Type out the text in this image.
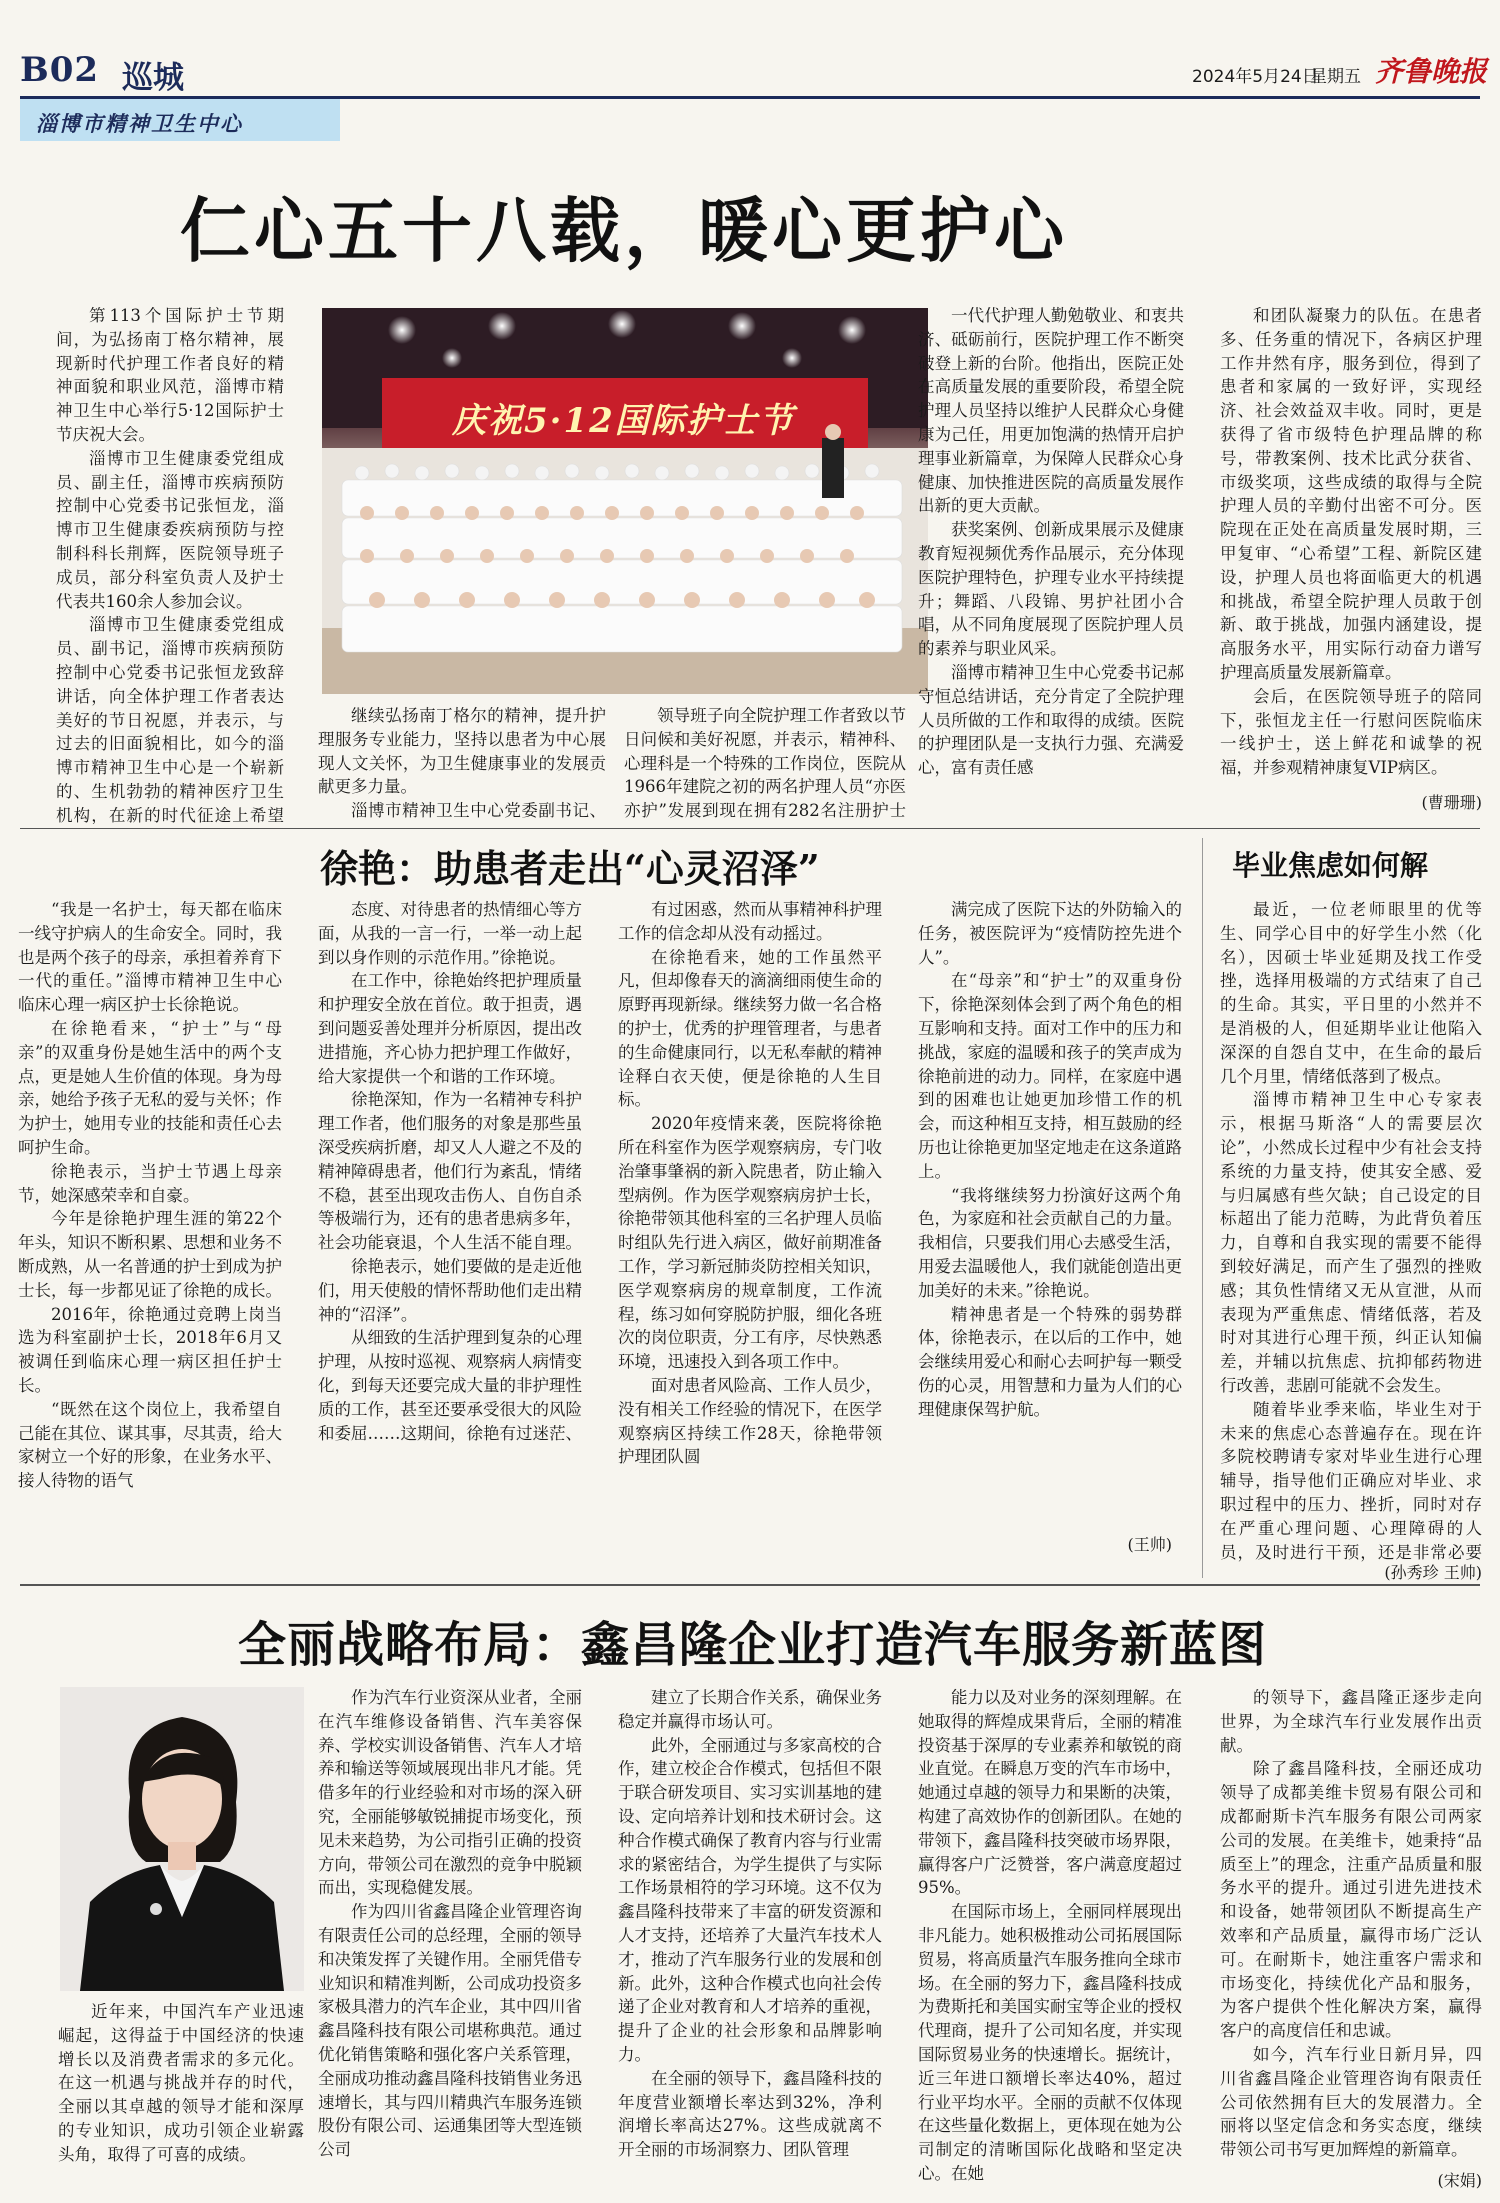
B02 巡城	2024年5月24日
星期五 齐鲁晚报
淄博市精神卫生中心
仁心五十八载，暖心更护心

第113个国际护士节期间，为弘扬南丁格尔精神，展现新时代护理工作者良好的精神面貌和职业风范，淄博市精神卫生中心举行5·12国际护士节庆祝大会。

淄博市卫生健康委党组成员、副主任，淄博市疾病预防控制中心党委书记张恒龙，淄博市卫生健康委疾病预防与控制科科长荆辉，医院领导班子成员，部分科室负责人及护士代表共160余人参加会议。

淄博市卫生健康委党组成员、副书记，淄博市疾病预防控制中心党委书记张恒龙致辞讲话，向全体护理工作者表达美好的节日祝愿，并表示，与过去的旧面貌相比，如今的淄博市精神卫生中心是一个崭新的、生机勃勃的精神医疗卫生机构，在新的时代征途上希望

庆祝5·12国际护士节

继续弘扬南丁格尔的精神，提升护理服务专业能力，坚持以患者为中心展现人文关怀，为卫生健康事业的发展贡献更多力量。

淄博市精神卫生中心党委副书记、

领导班子向全院护理工作者致以节日问候和美好祝愿，并表示，精神科、心理科是一个特殊的工作岗位，医院从1966年建院之初的两名护理人员“亦医亦护”发展到现在拥有282名注册护士

一代代护理人勤勉敬业、和衷共济、砥砺前行，医院护理工作不断突破登上新的台阶。他指出，医院正处在高质量发展的重要阶段，希望全院护理人员坚持以维护人民群众心身健康为己任，用更加饱满的热情开启护理事业新篇章，为保障人民群众心身健康、加快推进医院的高质量发展作出新的更大贡献。

获奖案例、创新成果展示及健康教育短视频优秀作品展示，充分体现医院护理特色，护理专业水平持续提升；舞蹈、八段锦、男护社团小合唱，从不同角度展现了医院护理人员的素养与职业风采。

淄博市精神卫生中心党委书记郝守恒总结讲话，充分肯定了全院护理人员所做的工作和取得的成绩。医院的护理团队是一支执行力强、充满爱心，富有责任感

和团队凝聚力的队伍。在患者多、任务重的情况下，各病区护理工作井然有序，服务到位，得到了患者和家属的一致好评，实现经济、社会效益双丰收。同时，更是获得了省市级特色护理品牌的称号，带教案例、技术比武分获省、市级奖项，这些成绩的取得与全院护理人员的辛勤付出密不可分。医院现在正处在高质量发展时期，三甲复审、“心希望”工程、新院区建设，护理人员也将面临更大的机遇和挑战，希望全院护理人员敢于创新、敢于挑战，加强内涵建设，提高服务水平，用实际行动奋力谱写护理高质量发展新篇章。

会后，在医院领导班子的陪同下，张恒龙主任一行慰问医院临床一线护士，送上鲜花和诚挚的祝福，并参观精神康复VIP病区。

(曹珊珊)
徐艳：助患者走出“心灵沼泽”

“我是一名护士，每天都在临床一线守护病人的生命安全。同时，我也是两个孩子的母亲，承担着养育下一代的重任。”淄博市精神卫生中心临床心理一病区护士长徐艳说。

在徐艳看来，“护士”与“母亲”的双重身份是她生活中的两个支点，更是她人生价值的体现。身为母亲，她给予孩子无私的爱与关怀；作为护士，她用专业的技能和责任心去呵护生命。

徐艳表示，当护士节遇上母亲节，她深感荣幸和自豪。

今年是徐艳护理生涯的第22个年头，知识不断积累、思想和业务不断成熟，从一名普通的护士到成为护士长，每一步都见证了徐艳的成长。

2016年，徐艳通过竞聘上岗当选为科室副护士长，2018年6月又被调任到临床心理一病区担任护士长。

“既然在这个岗位上，我希望自己能在其位、谋其事，尽其责，给大家树立一个好的形象，在业务水平、接人待物的语气

态度、对待患者的热情细心等方面，从我的一言一行，一举一动上起到以身作则的示范作用。”徐艳说。

在工作中，徐艳始终把护理质量和护理安全放在首位。敢于担责，遇到问题妥善处理并分析原因，提出改进措施，齐心协力把护理工作做好，给大家提供一个和谐的工作环境。

徐艳深知，作为一名精神专科护理工作者，他们服务的对象是那些虽深受疾病折磨，却又人人避之不及的精神障碍患者，他们行为紊乱，情绪不稳，甚至出现攻击伤人、自伤自杀等极端行为，还有的患者患病多年，社会功能衰退，个人生活不能自理。

徐艳表示，她们要做的是走近他们，用天使般的情怀帮助他们走出精神的“沼泽”。

从细致的生活护理到复杂的心理护理，从按时巡视、观察病人病情变化，到每天还要完成大量的非护理性质的工作，甚至还要承受很大的风险和委屈……这期间，徐艳有过迷茫、

有过困惑，然而从事精神科护理工作的信念却从没有动摇过。

在徐艳看来，她的工作虽然平凡，但却像春天的滴滴细雨使生命的原野再现新绿。继续努力做一名合格的护士，优秀的护理管理者，与患者的生命健康同行，以无私奉献的精神诠释白衣天使，便是徐艳的人生目标。

2020年疫情来袭，医院将徐艳所在科室作为医学观察病房，专门收治肇事肇祸的新入院患者，防止输入型病例。作为医学观察病房护士长，徐艳带领其他科室的三名护理人员临时组队先行进入病区，做好前期准备工作，学习新冠肺炎防控相关知识，医学观察病房的规章制度，工作流程，练习如何穿脱防护服，细化各班次的岗位职责，分工有序，尽快熟悉环境，迅速投入到各项工作中。

面对患者风险高、工作人员少，没有相关工作经验的情况下，在医学观察病区持续工作28天，徐艳带领护理团队圆

满完成了医院下达的外防输入的任务，被医院评为“疫情防控先进个人”。

在“母亲”和“护士”的双重身份下，徐艳深刻体会到了两个角色的相互影响和支持。面对工作中的压力和挑战，家庭的温暖和孩子的笑声成为徐艳前进的动力。同样，在家庭中遇到的困难也让她更加珍惜工作的机会，而这种相互支持，相互鼓励的经历也让徐艳更加坚定地走在这条道路上。

“我将继续努力扮演好这两个角色，为家庭和社会贡献自己的力量。我相信，只要我们用心去感受生活，用爱去温暖他人，我们就能创造出更加美好的未来。”徐艳说。

精神患者是一个特殊的弱势群体，徐艳表示，在以后的工作中，她会继续用爱心和耐心去呵护每一颗受伤的心灵，用智慧和力量为人们的心理健康保驾护航。

(王帅)
毕业焦虑如何解

最近，一位老师眼里的优等生、同学心目中的好学生小然（化名），因硕士毕业延期及找工作受挫，选择用极端的方式结束了自己的生命。其实，平日里的小然并不是消极的人，但延期毕业让他陷入深深的自怨自艾中，在生命的最后几个月里，情绪低落到了极点。

淄博市精神卫生中心专家表示，根据马斯洛“人的需要层次论”，小然成长过程中少有社会支持系统的力量支持，使其安全感、爱与归属感有些欠缺；自己设定的目标超出了能力范畴，为此背负着压力，自尊和自我实现的需要不能得到较好满足，而产生了强烈的挫败感；其负性情绪又无从宣泄，从而表现为严重焦虑、情绪低落，若及时对其进行心理干预，纠正认知偏差，并辅以抗焦虑、抗抑郁药物进行改善，悲剧可能就不会发生。

随着毕业季来临，毕业生对于未来的焦虑心态普遍存在。现在许多院校聘请专家对毕业生进行心理辅导，指导他们正确应对毕业、求职过程中的压力、挫折，同时对存在严重心理问题、心理障碍的人员，及时进行干预，还是非常必要

(孙秀珍 王帅)
全丽战略布局：鑫昌隆企业打造汽车服务新蓝图

近年来，中国汽车产业迅速崛起，这得益于中国经济的快速增长以及消费者需求的多元化。在这一机遇与挑战并存的时代，全丽以其卓越的领导才能和深厚的专业知识，成功引领企业崭露头角，取得了可喜的成绩。

作为汽车行业资深从业者，全丽在汽车维修设备销售、汽车美容保养、学校实训设备销售、汽车人才培养和输送等领域展现出非凡才能。凭借多年的行业经验和对市场的深入研究，全丽能够敏锐捕捉市场变化，预见未来趋势，为公司指引正确的投资方向，带领公司在激烈的竞争中脱颖而出，实现稳健发展。

作为四川省鑫昌隆企业管理咨询有限责任公司的总经理，全丽的领导和决策发挥了关键作用。全丽凭借专业知识和精准判断，公司成功投资多家极具潜力的汽车企业，其中四川省鑫昌隆科技有限公司堪称典范。通过优化销售策略和强化客户关系管理，全丽成功推动鑫昌隆科技销售业务迅速增长，其与四川精典汽车服务连锁股份有限公司、运通集团等大型连锁公司

建立了长期合作关系，确保业务稳定并赢得市场认可。

此外，全丽通过与多家高校的合作，建立校企合作模式，包括但不限于联合研发项目、实习实训基地的建设、定向培养计划和技术研讨会。这种合作模式确保了教育内容与行业需求的紧密结合，为学生提供了与实际工作场景相符的学习环境。这不仅为鑫昌隆科技带来了丰富的研发资源和人才支持，还培养了大量汽车技术人才，推动了汽车服务行业的发展和创新。此外，这种合作模式也向社会传递了企业对教育和人才培养的重视，提升了企业的社会形象和品牌影响力。

在全丽的领导下，鑫昌隆科技的年度营业额增长率达到32%，净利润增长率高达27%。这些成就离不开全丽的市场洞察力、团队管理

能力以及对业务的深刻理解。在她取得的辉煌成果背后，全丽的精准投资基于深厚的专业素养和敏锐的商业直觉。在瞬息万变的汽车市场中，她通过卓越的领导力和果断的决策，构建了高效协作的创新团队。在她的带领下，鑫昌隆科技突破市场界限，赢得客户广泛赞誉，客户满意度超过95%。

在国际市场上，全丽同样展现出非凡能力。她积极推动公司拓展国际贸易，将高质量汽车服务推向全球市场。在全丽的努力下，鑫昌隆科技成为费斯托和美国实耐宝等企业的授权代理商，提升了公司知名度，并实现国际贸易业务的快速增长。据统计，近三年进口额增长率达40%，超过行业平均水平。全丽的贡献不仅体现在这些量化数据上，更体现在她为公司制定的清晰国际化战略和坚定决心。在她

的领导下，鑫昌隆正逐步走向世界，为全球汽车行业发展作出贡献。

除了鑫昌隆科技，全丽还成功领导了成都美维卡贸易有限公司和成都耐斯卡汽车服务有限公司两家公司的发展。在美维卡，她秉持“品质至上”的理念，注重产品质量和服务水平的提升。通过引进先进技术和设备，她带领团队不断提高生产效率和产品质量，赢得市场广泛认可。在耐斯卡，她注重客户需求和市场变化，持续优化产品和服务，为客户提供个性化解决方案，赢得客户的高度信任和忠诚。

如今，汽车行业日新月异，四川省鑫昌隆企业管理咨询有限责任公司依然拥有巨大的发展潜力。全丽将以坚定信念和务实态度，继续带领公司书写更加辉煌的新篇章。

(宋娟)
